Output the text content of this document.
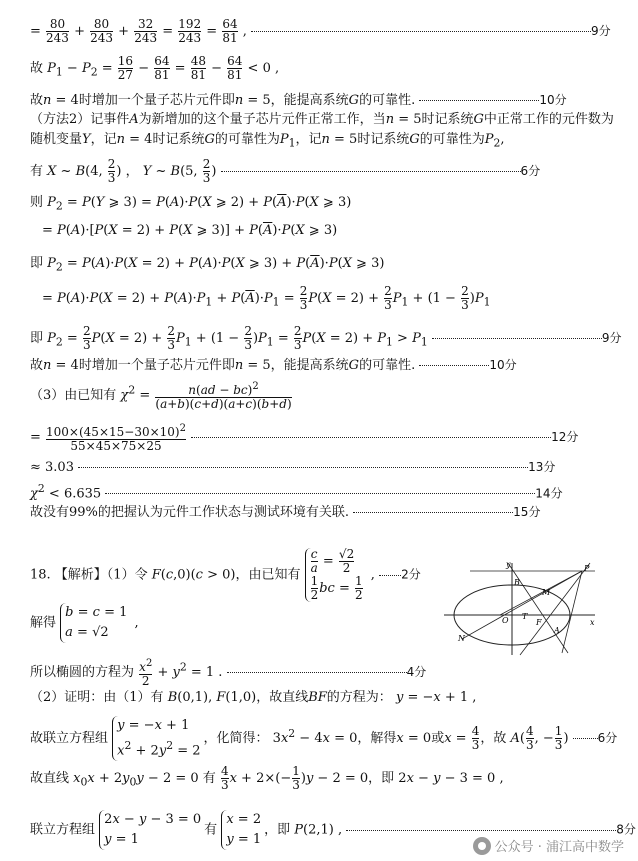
= $\frac{80}{243} + \frac{80}{243} + \frac{32}{243} = \frac{192}{243} = \frac{64}{81}$ ,	9分
故 $P_1 - P_2 = \frac{16}{27} - \frac{64}{81} = \frac{48}{81} - \frac{64}{81} < 0$ ,
故n = 4时增加一个量子芯片元件即n = 5，能提高系统G的可靠性.	10分
（方法2）记事件A为新增加的这个量子芯片元件正常工作，当n = 5时记系统G中正常工作的元件数为
随机变量Y，记n = 4时记系统G的可靠性为$P_1$，记n = 5时记系统G的可靠性为$P_2$,
有 X ~ B(4, $\frac{2}{3}$ ) ， Y ~ B(5, $\frac{2}{3}$ )	6分
则 $P_2 = P(Y$ ⩾ 3) = P(A)·P(X ⩾ $2) + P(\overline{A})\cdot P(X$ ⩾ 3)
= P(A)·[P(X = 2) + P(X ⩾ $3)] + P(\overline{A})\cdot P(X$ ⩾ 3)
即 $P_2 = P(A)\cdot P(X = 2) + P(A)\cdot P(X$ ⩾ $3) + P(\overline{A})\cdot P(X$ ⩾ 3)
= $P(A)\cdot P(X = 2) + P(A)\cdot P_1 + P(\overline{A})\cdot P_1 = \frac{2}{3} P(X = 2) + \frac{2}{3} P_1 + (1 - \frac{2}{3} )P_1$
即 $P_2 = \frac{2}{3} P(X = 2) + \frac{2}{3} P_1 + (1 - \frac{2}{3} )P_1 = \frac{2}{3} P(X = 2) + P_1 > P_1$	9分
故n = 4时增加一个量子芯片元件即n = 5，能提高系统G的可靠性.	10分
（3）由已知有 $\chi^2 = \frac{n(ad - bc)^2}{(a+b)(c+d)(a+c)(b+d)}$
= $\frac{100\times(45\times 15-30\times 10)^2}{55\times 45\times 75\times 25}$	12分
≈ 3.03	13分
$\chi^2 < 6.635$	14分
故没有99%的把握认为元件工作状态与测试环境有关联.	15分
18. 【解析】（1）令 F(c,0)(c > 0)，由已知有 $\frac{c}{a} = \frac{√2}{2}$
$\frac{1}{2}$ bc = $\frac{1}{2}$ , 2分
解得
b = c = 1
a = √2
,
所以椭圆的方程为 $\frac{x^2}{2} + y^2 = 1$ .	4分
（2）证明：由（1）有 B(0,1), F(1,0)，故直线BF的方程为： y = −x + 1 ,
故联立方程组
y = −x + 1
$x^2 + 2y^2 = 2$
，化简得： $3x^2 - 4x = 0$，解得x = 0或$x = \frac{4}{3}$ ，故 $A( \frac{4}{3}$ , − $\frac{1}{3}$ ) 6分
故直线 $x_0x + 2y_0y - 2 = 0$ 有 $\frac{4}{3}$ $x + 2\times(- \frac{1}{3} )y - 2 = 0$，即 2x − y − 3 = 0 ,
联立方程组
2x − y − 3 = 0
y = 1
有
x = 2
y = 1
，即 P(2,1) ,	8分
y
B
M
P
O T
F
A
N
x
公众号 · 浦江高中数学
